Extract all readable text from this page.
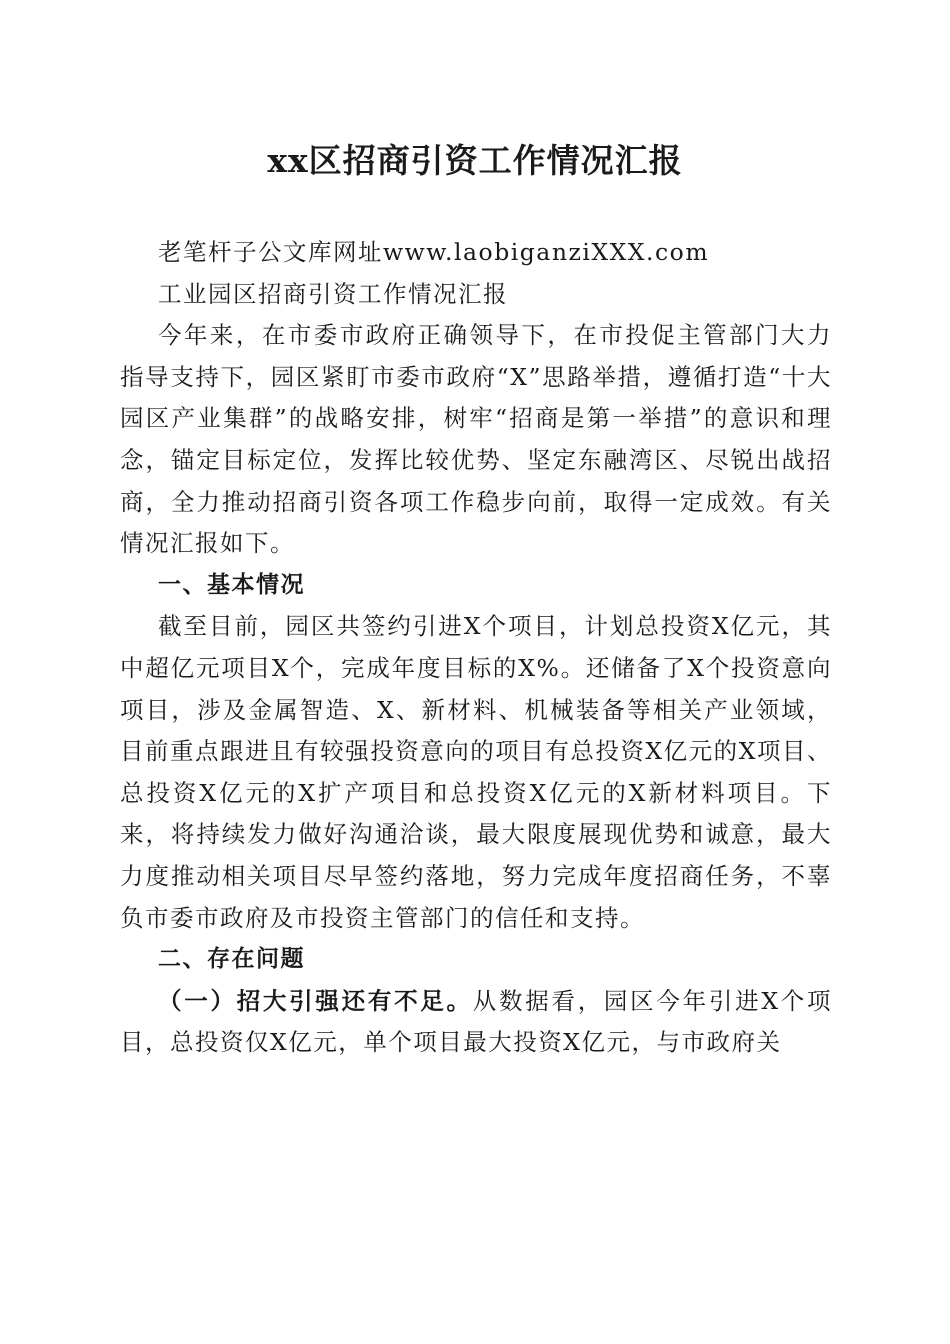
xx区招商引资工作情况汇报

老笔杆子公文库网址www.laobiganziXXX.com

工业园区招商引资工作情况汇报

今年来，在市委市政府正确领导下，在市投促主管部门大力指导支持下，园区紧盯市委市政府“X”思路举措，遵循打造“十大园区产业集群”的战略安排，树牢“招商是第一举措”的意识和理念，锚定目标定位，发挥比较优势、坚定东融湾区、尽锐出战招商，全力推动招商引资各项工作稳步向前，取得一定成效。有关情况汇报如下。

一、基本情况

截至目前，园区共签约引进X个项目，计划总投资X亿元，其中超亿元项目X个，完成年度目标的X%。还储备了X个投资意向项目，涉及金属智造、X、新材料、机械装备等相关产业领域，目前重点跟进且有较强投资意向的项目有总投资X亿元的X项目、总投资X亿元的X扩产项目和总投资X亿元的X新材料项目。下来，将持续发力做好沟通洽谈，最大限度展现优势和诚意，最大力度推动相关项目尽早签约落地，努力完成年度招商任务，不辜负市委市政府及市投资主管部门的信任和支持。

二、存在问题

（一）招大引强还有不足。从数据看，园区今年引进X个项目，总投资仅X亿元，单个项目最大投资X亿元，与市政府关
